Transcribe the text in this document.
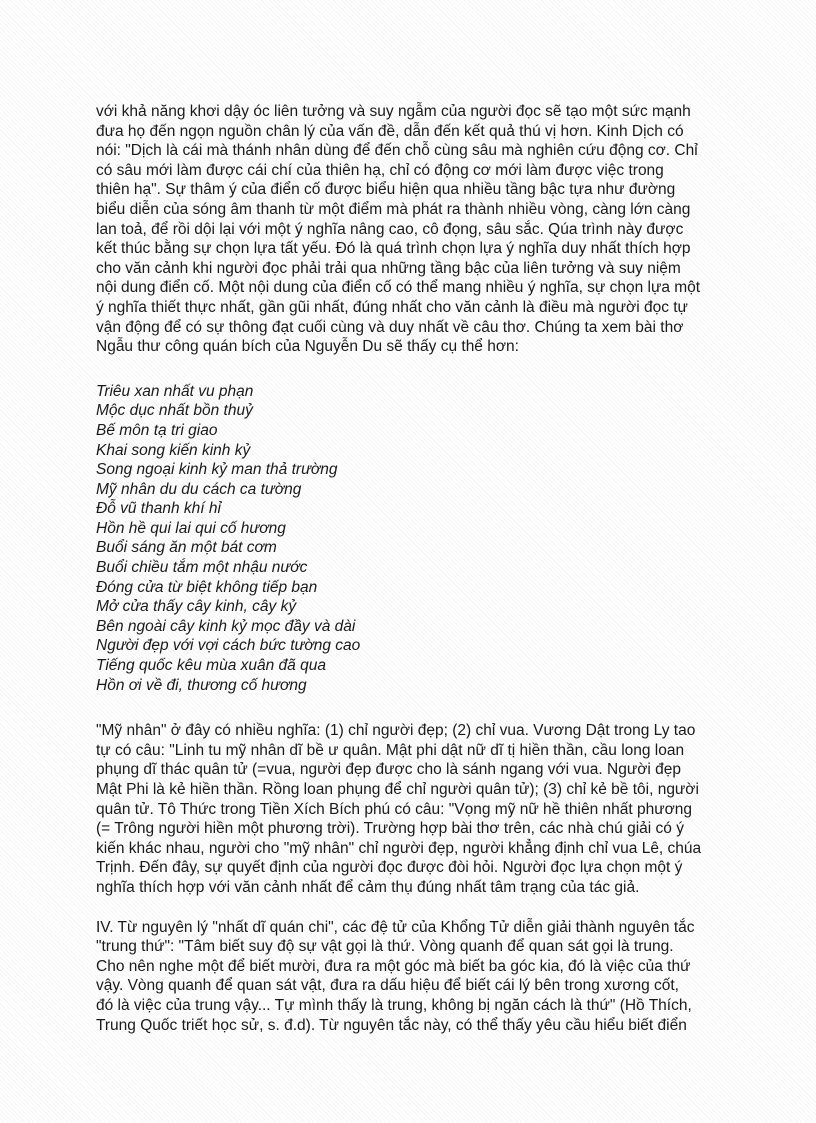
với khả năng khơi dậy óc liên tưởng và suy ngẫm của người đọc sẽ tạo một sức mạnh
đưa họ đến ngọn nguồn chân lý của vấn đề, dẫn đến kết quả thú vị hơn. Kinh Dịch có
nói: "Dịch là cái mà thánh nhân dùng để đến chỗ cùng sâu mà nghiên cứu động cơ. Chỉ
có sâu mới làm được cái chí của thiên hạ, chỉ có động cơ mới làm được việc trong
thiên hạ". Sự thâm ý của điển cố được biểu hiện qua nhiều tầng bậc tựa như đường
biểu diễn của sóng âm thanh từ một điểm mà phát ra thành nhiều vòng, càng lớn càng
lan toả, để rồi dội lại với một ý nghĩa nâng cao, cô đọng, sâu sắc. Qúa trình này được
kết thúc bằng sự chọn lựa tất yếu. Đó là quá trình chọn lựa ý nghĩa duy nhất thích hợp
cho văn cảnh khi người đọc phải trải qua những tầng bậc của liên tưởng và suy niệm
nội dung điển cố. Một nội dung của điển cố có thể mang nhiều ý nghĩa, sự chọn lựa một
ý nghĩa thiết thực nhất, gần gũi nhất, đúng nhất cho văn cảnh là điều mà người đọc tự
vận động để có sự thông đạt cuối cùng và duy nhất về câu thơ. Chúng ta xem bài thơ
Ngẫu thư công quán bích của Nguyễn Du sẽ thấy cụ thể hơn:

Triêu xan nhất vu phạn
Mộc dục nhất bồn thuỷ
Bế môn tạ tri giao
Khai song kiến kinh kỷ
Song ngoại kinh kỷ man thả trường
Mỹ nhân du du cách ca tường
Đỗ vũ thanh khí hỉ
Hồn hề qui lai qui cố hương
Buổi sáng ăn một bát cơm
Buổi chiều tắm một nhậu nước
Đóng cửa từ biệt không tiếp bạn
Mở cửa thấy cây kinh, cây kỷ
Bên ngoài cây kinh kỷ mọc đầy và dài
Người đẹp với vợi cách bức tường cao
Tiếng quốc kêu mùa xuân đã qua
Hồn ơi về đi, thương cố hương

"Mỹ nhân" ở đây có nhiều nghĩa: (1) chỉ người đẹp; (2) chỉ vua. Vương Dật trong Ly tao
tự có câu: "Linh tu mỹ nhân dĩ bề ư quân. Mật phi dật nữ dĩ tị hiền thần, cầu long loan
phụng dĩ thác quân tử (=vua, người đẹp được cho là sánh ngang với vua. Người đẹp
Mật Phi là kẻ hiền thần. Rồng loan phụng để chỉ người quân tử); (3) chỉ kẻ bề tôi, người
quân tử. Tô Thức trong Tiền Xích Bích phú có câu: "Vọng mỹ nữ hề thiên nhất phương
(= Trông người hiền một phương trời). Trường hợp bài thơ trên, các nhà chú giải có ý
kiến khác nhau, người cho "mỹ nhân" chỉ người đẹp, người khẳng định chỉ vua Lê, chúa
Trịnh. Đến đây, sự quyết định của người đọc được đòi hỏi. Người đọc lựa chọn một ý
nghĩa thích hợp với văn cảnh nhất để cảm thụ đúng nhất tâm trạng của tác giả.

IV. Từ nguyên lý "nhất dĩ quán chi", các đệ tử của Khổng Tử diễn giải thành nguyên tắc
"trung thứ": "Tâm biết suy độ sự vật gọi là thứ. Vòng quanh để quan sát gọi là trung.
Cho nên nghe một để biết mười, đưa ra một góc mà biết ba góc kia, đó là việc của thứ
vậy. Vòng quanh để quan sát vật, đưa ra dấu hiệu để biết cái lý bên trong xương cốt,
đó là việc của trung vậy... Tự mình thấy là trung, không bị ngăn cách là thứ" (Hồ Thích,
Trung Quốc triết học sử, s. đ.d). Từ nguyên tắc này, có thể thấy yêu cầu hiểu biết điển
